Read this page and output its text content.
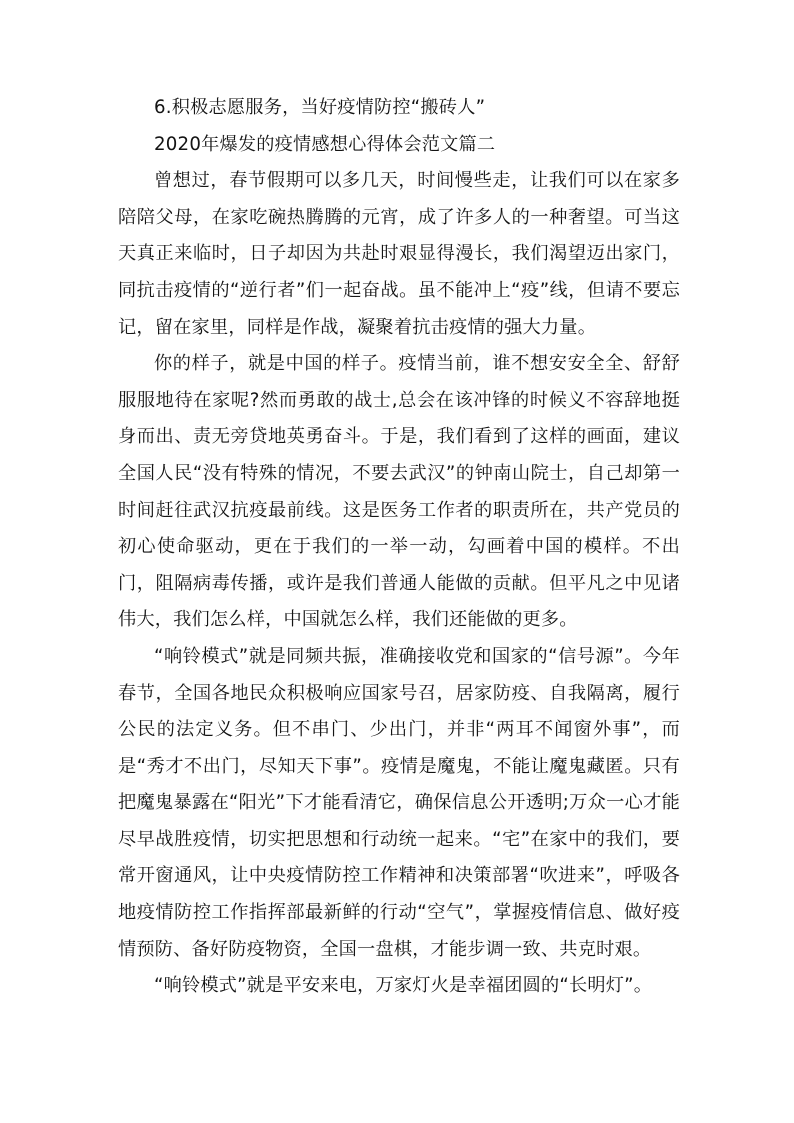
6.积极志愿服务，当好疫情防控“搬砖人”

2020年爆发的疫情感想心得体会范文篇二

曾想过，春节假期可以多几天，时间慢些走，让我们可以在家多陪陪父母，在家吃碗热腾腾的元宵，成了许多人的一种奢望。可当这天真正来临时，日子却因为共赴时艰显得漫长，我们渴望迈出家门，同抗击疫情的“逆行者”们一起奋战。虽不能冲上“疫”线，但请不要忘记，留在家里，同样是作战，凝聚着抗击疫情的强大力量。

你的样子，就是中国的样子。疫情当前，谁不想安安全全、舒舒服服地待在家呢?然而勇敢的战士,总会在该冲锋的时候义不容辞地挺身而出、责无旁贷地英勇奋斗。于是，我们看到了这样的画面，建议全国人民“没有特殊的情况，不要去武汉”的钟南山院士，自己却第一时间赶往武汉抗疫最前线。这是医务工作者的职责所在，共产党员的初心使命驱动，更在于我们的一举一动，勾画着中国的模样。不出门，阻隔病毒传播，或许是我们普通人能做的贡献。但平凡之中见诸伟大，我们怎么样，中国就怎么样，我们还能做的更多。

“响铃模式”就是同频共振，准确接收党和国家的“信号源”。今年春节，全国各地民众积极响应国家号召，居家防疫、自我隔离，履行公民的法定义务。但不串门、少出门，并非“两耳不闻窗外事”，而是“秀才不出门，尽知天下事”。疫情是魔鬼，不能让魔鬼藏匿。只有把魔鬼暴露在“阳光”下才能看清它，确保信息公开透明;万众一心才能尽早战胜疫情，切实把思想和行动统一起来。“宅”在家中的我们，要常开窗通风，让中央疫情防控工作精神和决策部署“吹进来”，呼吸各地疫情防控工作指挥部最新鲜的行动“空气”，掌握疫情信息、做好疫情预防、备好防疫物资，全国一盘棋，才能步调一致、共克时艰。

“响铃模式”就是平安来电，万家灯火是幸福团圆的“长明灯”。
